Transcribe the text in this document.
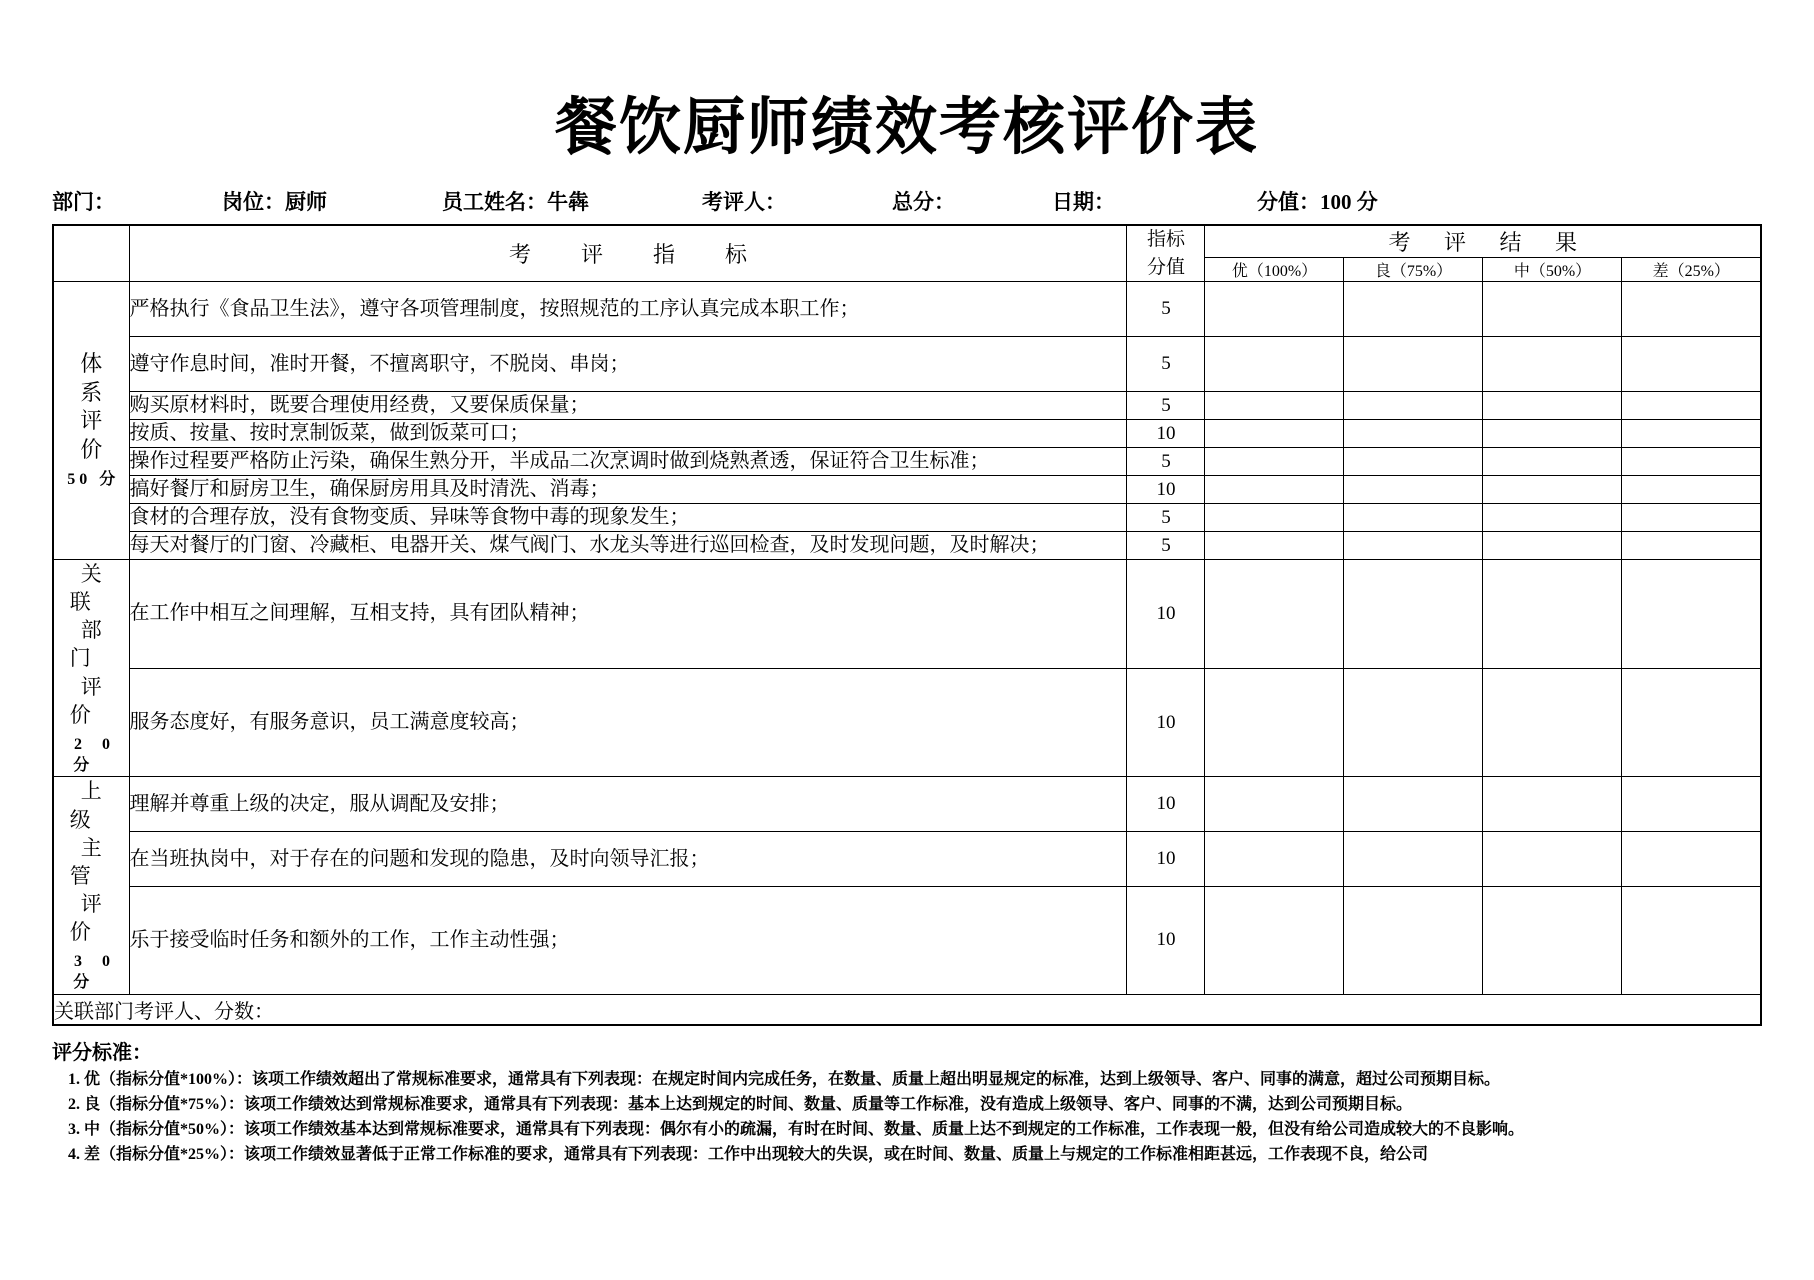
餐饮厨师绩效考核评价表
部门：	岗位：厨师	员工姓名：牛犇	考评人：	总分：	日期：	分值：100 分
	考　评　指　标	指标
分值	考 评 结 果			
			优（100%）	良（75%）	中（50%）	差（25%）

体
系
评
价
50 分	严格执行《食品卫生法》，遵守各项管理制度，按照规范的工序认真完成本职工作；	5				
	遵守作息时间，准时开餐，不擅离职守，不脱岗、串岗；	5				
	购买原材料时，既要合理使用经费，又要保质保量；	5				
	按质、按量、按时烹制饭菜，做到饭菜可口；	10				
	操作过程要严格防止污染，确保生熟分开，半成品二次烹调时做到烧熟煮透，保证符合卫生标准；	5				
	搞好餐厅和厨房卫生，确保厨房用具及时清洗、消毒；	10				
	食材的合理存放，没有食物变质、异味等食物中毒的现象发生；	5				
	每天对餐厅的门窗、冷藏柜、电器开关、煤气阀门、水龙头等进行巡回检查，及时发现问题，及时解决；	5				

关联
部门
评价
20 分	在工作中相互之间理解，互相支持，具有团队精神；	10				
	服务态度好，有服务意识，员工满意度较高；	10				

上级
主管
评价
30 分	理解并尊重上级的决定，服从调配及安排；	10				
	在当班执岗中，对于存在的问题和发现的隐患，及时向领导汇报；	10				
	乐于接受临时任务和额外的工作，工作主动性强；	10				
关联部门考评人、分数：						
评分标准：
1. 优（指标分值*100%）：该项工作绩效超出了常规标准要求，通常具有下列表现：在规定时间内完成任务，在数量、质量上超出明显规定的标准，达到上级领导、客户、同事的满意，超过公司预期目标。
2. 良（指标分值*75%）：该项工作绩效达到常规标准要求，通常具有下列表现：基本上达到规定的时间、数量、质量等工作标准，没有造成上级领导、客户、同事的不满，达到公司预期目标。
3. 中（指标分值*50%）：该项工作绩效基本达到常规标准要求，通常具有下列表现：偶尔有小的疏漏，有时在时间、数量、质量上达不到规定的工作标准，工作表现一般，但没有给公司造成较大的不良影响。
4. 差（指标分值*25%）：该项工作绩效显著低于正常工作标准的要求，通常具有下列表现：工作中出现较大的失误，或在时间、数量、质量上与规定的工作标准相距甚远，工作表现不良，给公司
